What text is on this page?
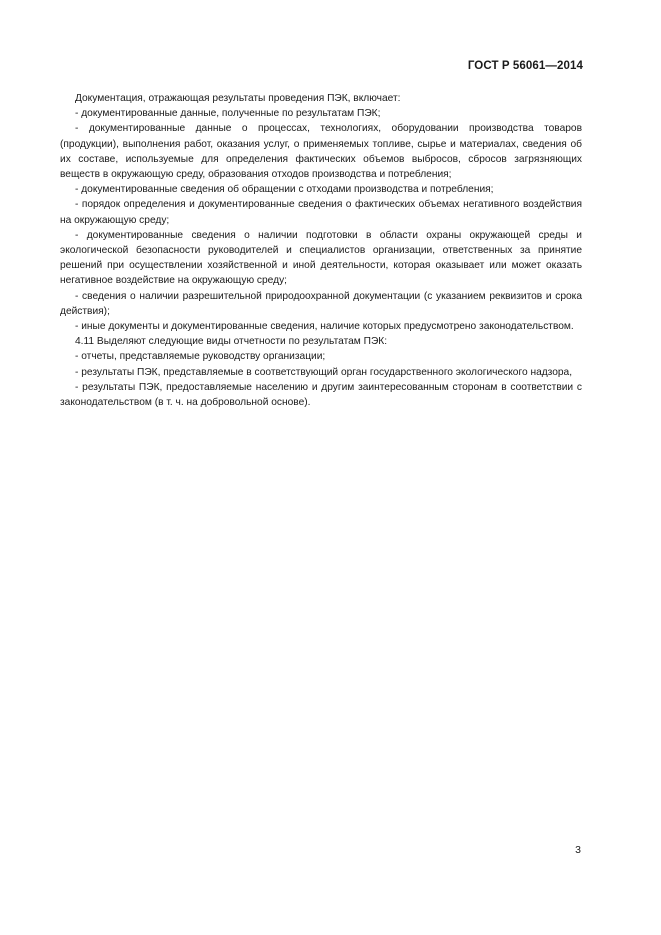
ГОСТ Р 56061—2014

Документация, отражающая результаты проведения ПЭК, включает:

- документированные данные, полученные по результатам ПЭК;

- документированные данные о процессах, технологиях, оборудовании производства товаров (продукции), выполнения работ, оказания услуг, о применяемых топливе, сырье и материалах, сведения об их составе, используемые для определения фактических объемов выбросов, сбросов загрязняющих веществ в окружающую среду, образования отходов производства и потребления;

- документированные сведения об обращении с отходами производства и потребления;

- порядок определения и документированные сведения о фактических объемах негативного воздействия на окружающую среду;

- документированные сведения о наличии подготовки в области охраны окружающей среды и экологической безопасности руководителей и специалистов организации, ответственных за принятие решений при осуществлении хозяйственной и иной деятельности, которая оказывает или может оказать негативное воздействие на окружающую среду;

- сведения о наличии разрешительной природоохранной документации (с указанием реквизитов и срока действия);

- иные документы и документированные сведения, наличие которых предусмотрено законодательством.

4.11 Выделяют следующие виды отчетности по результатам ПЭК:

- отчеты, представляемые руководству организации;

- результаты ПЭК, представляемые в соответствующий орган государственного экологического надзора,

- результаты ПЭК, предоставляемые населению и другим заинтересованным сторонам в соответствии с законодательством (в т. ч. на добровольной основе).

3
